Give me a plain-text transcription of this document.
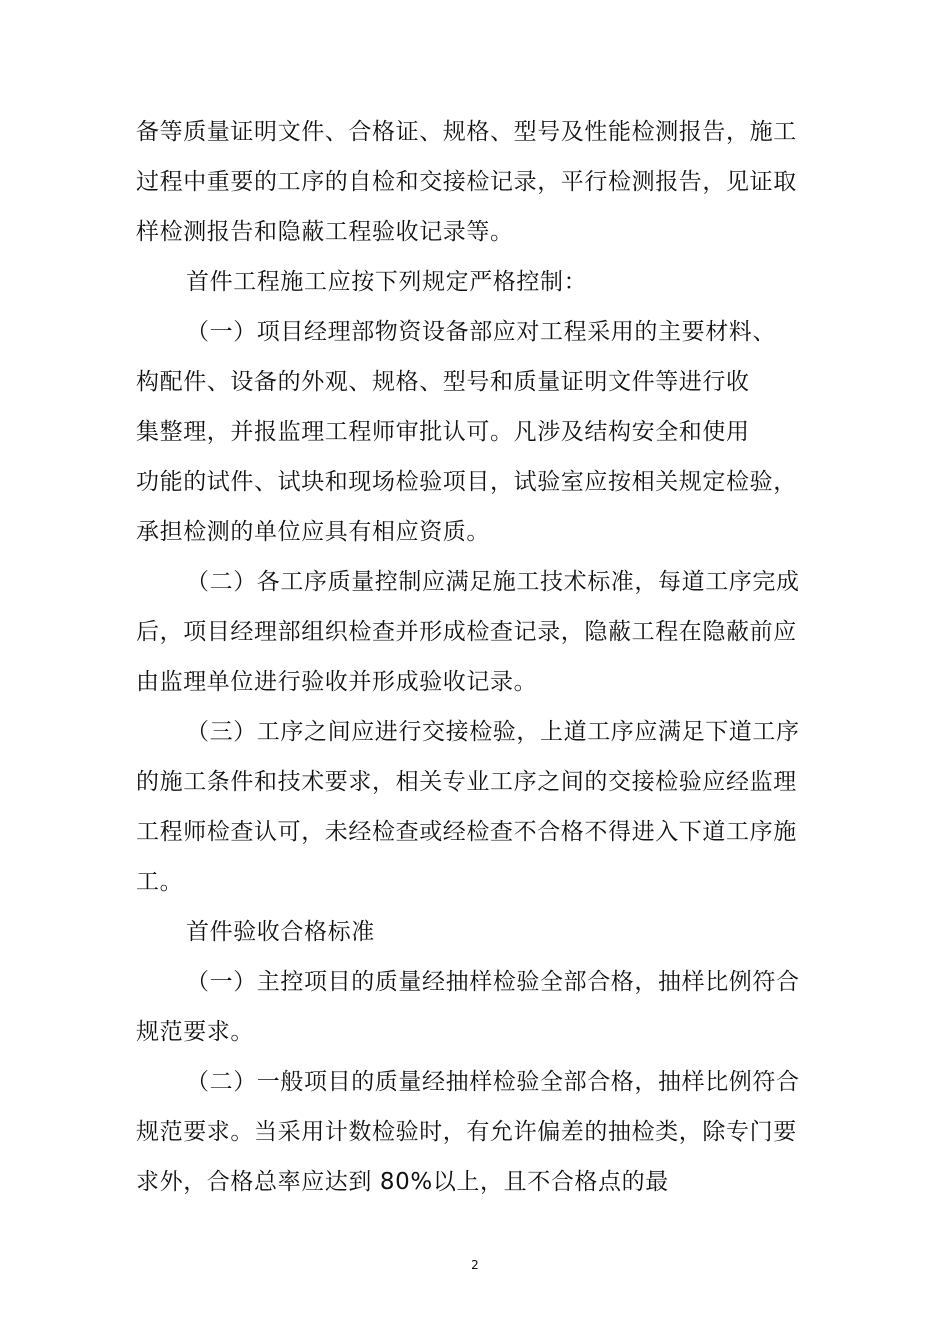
备等质量证明文件、合格证、规格、型号及性能检测报告，施工
过程中重要的工序的自检和交接检记录，平行检测报告，见证取
样检测报告和隐蔽工程验收记录等。
首件工程施工应按下列规定严格控制：
（一）项目经理部物资设备部应对工程采用的主要材料、
构配件、设备的外观、规格、型号和质量证明文件等进行收
集整理，并报监理工程师审批认可。凡涉及结构安全和使用
功能的试件、试块和现场检验项目，试验室应按相关规定检验，
承担检测的单位应具有相应资质。
（二）各工序质量控制应满足施工技术标准，每道工序完成
后，项目经理部组织检查并形成检查记录，隐蔽工程在隐蔽前应
由监理单位进行验收并形成验收记录。
（三）工序之间应进行交接检验，上道工序应满足下道工序
的施工条件和技术要求，相关专业工序之间的交接检验应经监理
工程师检查认可，未经检查或经检查不合格不得进入下道工序施
工。
首件验收合格标准
（一）主控项目的质量经抽样检验全部合格，抽样比例符合
规范要求。
（二）一般项目的质量经抽样检验全部合格，抽样比例符合
规范要求。当采用计数检验时，有允许偏差的抽检类，除专门要
求外，合格总率应达到 80%以上，且不合格点的最
2
